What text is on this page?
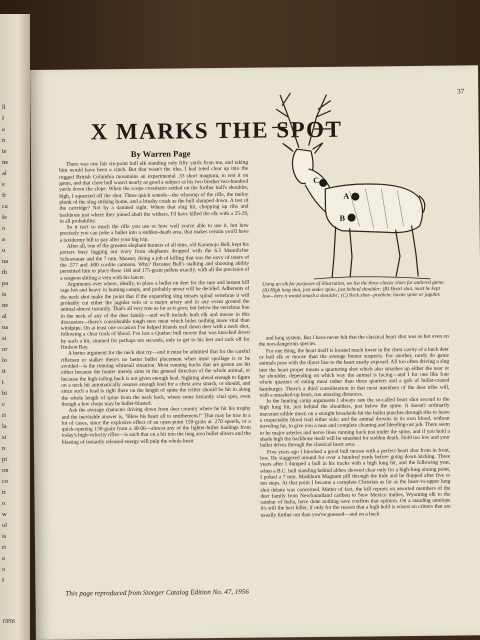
ll
f
a
n
te
ne
al
e
fr
ca
fe
o
a
u
na
th
pa
is
ne
al
na
si
or
lo
it
t
bi
c
ri
la
si
n
pi
on
co
tr
o
w
ol
is
ri
a
o
f
1956
37
X MARKS THE SPOT
By Warren Page
A
B
C
Using an elk for purposes of illustration, we list the three classic shots for antlered game: (A) High lung shot, just under spine, just behind shoulder; (B) Heart shot, must be kept low—here it would smash a shoulder; (C) Neck shot—problem: locate spine or jugular.

There was one fair six-point bull elk standing only fifty yards from me, and taking him would have been a cinch. But that wasn't the idea. I had toted clear up into the rugged British Columbia mountains an experimental .33 short magnum, to test it on game, and that close bull wasn't nearly as good a subject as his two brother two-hundred yards down the slope. When the scope crosshairs settled on the further bull's shoulder, high, I squeezed off the shot. Three quick sounds—the whoomp of the rifle, the meloy plunk of the slug striking home, and a brushy crash as the bull slumped down. A test of the cartridge? Not by a damned sight. Where that slug hit, chopping up ribs and backbone just where they joined abaft the withers, I'd have killed the elk with a 25-20, in all probability.

So it isn't so much the rifle you use or how well you're able to use it, but how precisely you can poke a bullet into a sudden-death area, that makes certain you'll have a taxidermy bill to pay after your big trip.

After all, one of the greatest elephant hunters of all time, old Karamojo Bell, kept his porters busy lugging out ivory from elephants dropped with the 6.5 Mannlicher Schoenauer and the 7 mm. Mauser, doing a job of killing that was the envy of toters of the .577 and .600 cordite cannons. Why? Because Bell's stalking and shooting ability permitted him to place those 160 and 175-grain pellets exactly, with all the precision of a surgeon slitting a vein with his lancet.

Arguments over where, ideally, to place a bullet on deer for the sure and instant kill rage hot and heavy in hunting camps, and probably never will be decided. Adherents of the neck shot make the point that if the expanding slug misses spinal vertebrae it will probably cut either the jugular vein or a major artery and in any event ground the animal almost instantly. That's all very true as far as it goes; but below the vertebrae line in the neck of any of the deer family—and we'll include both elk and moose in this discussion—there's considerable tough stew meat which hides nothing more vital than windpipe. On at least one occasion I've helped friends trail down deer with a neck shot, following a clear track of blood. I've lost a Quebec bull moose that was knocked down by such a hit, stunned for perhaps ten seconds, only to get to his feet and rack off for Hudson Bay.

A better argument for the neck shot try—and it must be admitted that for the careful rifleman or stalker there's no better bullet placement when meat spoilage is to be avoided—is the running whitetail situation. Most running bucks that are gotten are hit either because the hunter merely aims in the general direction of the whole animal, or because the high-tailing buck is not given enough lead. Sighting ahead enough to figure on a neck hit automatically assures enough lead for a chest area smash, or should, and since such a lead is right there on the length of spine the critter should be hit in along the whole length of spine from the neck back, where some instantly vital spot, even though a few chops may be bullet-blasted.

Ask the average character driving down from deer country where he hit his trophy and the inevitable answer is, "Blew his heart all to smithereens!" That may be true in a lot of cases, since the explosive effect of an open-point 150-grain at .270 speeds, or a quick-opening 150-grain from a 30-06—almost any of the lighter-bullet loadings from today's high-velocity rifles—is such that on a hit into the lung area bullet slivers and the blasting of instantly released energy will pulp the whole heart

and lung system. But I have never felt that the classical heart shot was so hot even on the non-dangerous species.

For one thing, the heart itself is located much lower in the chest cavity of a buck deer or bull elk or moose than the average hunter suspects. For another, rarely do game animals pose with the direct line to the heart neatly exposed. All too often driving a slug into the heart proper means a quartering shot which also smashes up either the near or far shoulder, depending on which way the animal is facing—and I for one like four whole quarters of eating meat rather than three quarters and a gob of bullet-crazed hamburger. There's a third consideration in that most members of the deer tribe will, with a smashed-up heart, run amazing distances.

In the hunting camp arguments I always rate the so-called heart shot second to the high lung hit, just behind the shoulders, just below the spine. It doesn't ordinarily macerate edible meat; on a straight broadside hit the bullet punches through ribs to leave a respectable blood trail either side; and the animal drowns in its own blood, without traveling far, to give you a neat and complete cleaning and bleeding-out job. There seem to be major arteries and nerve lines running back just under the spine, and if you hold a shade high the backbone itself will be smashed for sudden death. Hold too low and your bullet drives through the classical heart area.

Five years ago I knocked a good bull moose with a perfect heart shot from in front, low. He staggered around for over a hundred yards before going down kicking. Three years after I dumped a bull in his tracks with a high lung hit, and the following year, when a B.C. bull standing behind alders showed clear only for a high-lung aiming point, I poked a 7 mm. Mashburn Magnum pill through the hide and he flopped after five or ten steps. At that point I became a complete Christian as far as the heart-vs-upper lung shot debate was concerned. Matter of fact, the kill reports on assorted members of the deer family from Newfoundland caribou to New Mexico mulies, Wyoming elk to the sambar of India, have done nothing save confirm that opinion. On a standing antelope it's still the best killer, if only for the reason that a high hold is wisest on critters that are usually further out than you've guessed—and on a buck

This page reproduced from Stoeger Catalog Edition No. 47, 1956
